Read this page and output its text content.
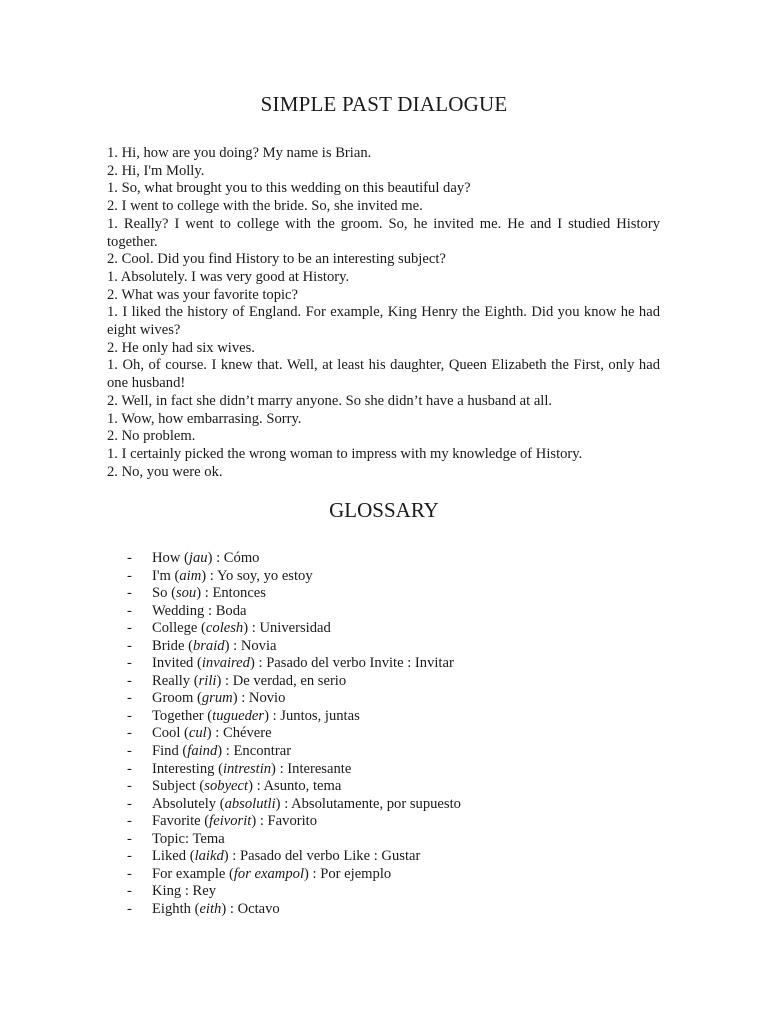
SIMPLE PAST DIALOGUE
1. Hi, how are you doing? My name is Brian.
2. Hi, I'm Molly.
1. So, what brought you to this wedding on this beautiful day?
2. I went to college with the bride. So, she invited me.
1. Really? I went to college with the groom. So, he invited me. He and I studied History together.
2. Cool. Did you find History to be an interesting subject?
1. Absolutely. I was very good at History.
2. What was your favorite topic?
1. I liked the history of England. For example, King Henry the Eighth. Did you know he had eight wives?
2. He only had six wives.
1. Oh, of course. I knew that. Well, at least his daughter, Queen Elizabeth the First, only had one husband!
2. Well, in fact she didn’t marry anyone. So she didn’t have a husband at all.
1. Wow, how embarrasing. Sorry.
2. No problem.
1. I certainly picked the wrong woman to impress with my knowledge of History.
2. No, you were ok.
GLOSSARY
-	How (jau) : Cómo
-	I'm (aim) : Yo soy, yo estoy
-	So (sou) : Entonces
-	Wedding : Boda
-	College (colesh) : Universidad
-	Bride (braid) : Novia
-	Invited (invaired) : Pasado del verbo Invite : Invitar
-	Really (rili) : De verdad, en serio
-	Groom (grum) : Novio
-	Together (tugueder) : Juntos, juntas
-	Cool (cul) : Chévere
-	Find (faind) : Encontrar
-	Interesting (intrestin) : Interesante
-	Subject (sobyect) : Asunto, tema
-	Absolutely (absolutli) : Absolutamente, por supuesto
-	Favorite (feivorit) : Favorito
-	Topic: Tema
-	Liked (laikd) : Pasado del verbo Like : Gustar
-	For example (for exampol) : Por ejemplo
-	King : Rey
-	Eighth (eith) : Octavo
